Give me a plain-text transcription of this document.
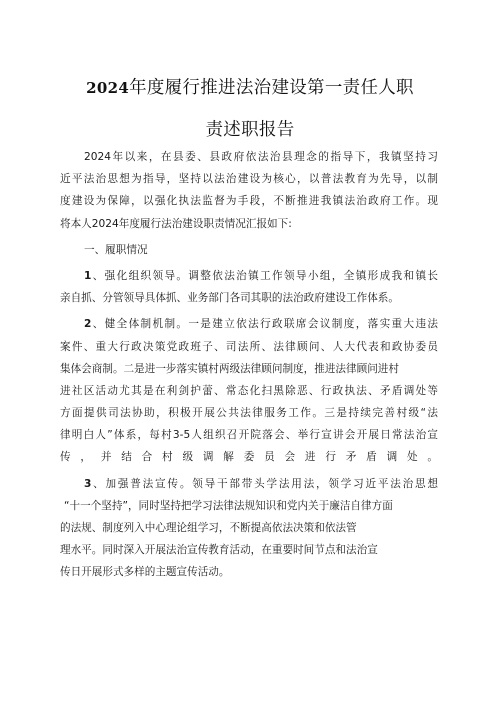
2024年度履行推进法治建设第一责任人职
责述职报告
2024年以来，在县委、县政府依法治县理念的指导下，我镇坚持习
近平法治思想为指导，坚持以法治建设为核心，以普法教育为先导，以制
度建设为保障，以强化执法监督为手段，不断推进我镇法治政府工作。现
将本人2024年度履行法治建设职责情况汇报如下:
一、履职情况
1、强化组织领导。调整依法治镇工作领导小组，全镇形成我和镇长
亲自抓、分管领导具体抓、业务部门各司其职的法治政府建设工作体系。
2、健全体制机制。一是建立依法行政联席会议制度，落实重大违法
案件、重大行政决策党政班子、司法所、法律顾问、人大代表和政协委员
集体会商制。二是进一步落实镇村两级法律顾问制度，推进法律顾问进村
进社区活动尤其是在利剑护蕾、常态化扫黑除恶、行政执法、矛盾调处等
方面提供司法协助，积极开展公共法律服务工作。三是持续完善村级“法
律明白人”体系，每村3-5人组织召开院落会、举行宣讲会开展日常法治宣
传，并结合村级调解委员会进行矛盾调处。
3、加强普法宣传。领导干部带头学法用法，领学习近平法治思想
“十一个坚持”，同时坚持把学习法律法规知识和党内关于廉洁自律方面
的法规、制度列入中心理论组学习，不断提高依法决策和依法管
理水平。同时深入开展法治宣传教育活动，在重要时间节点和法治宣
传日开展形式多样的主题宣传活动。
